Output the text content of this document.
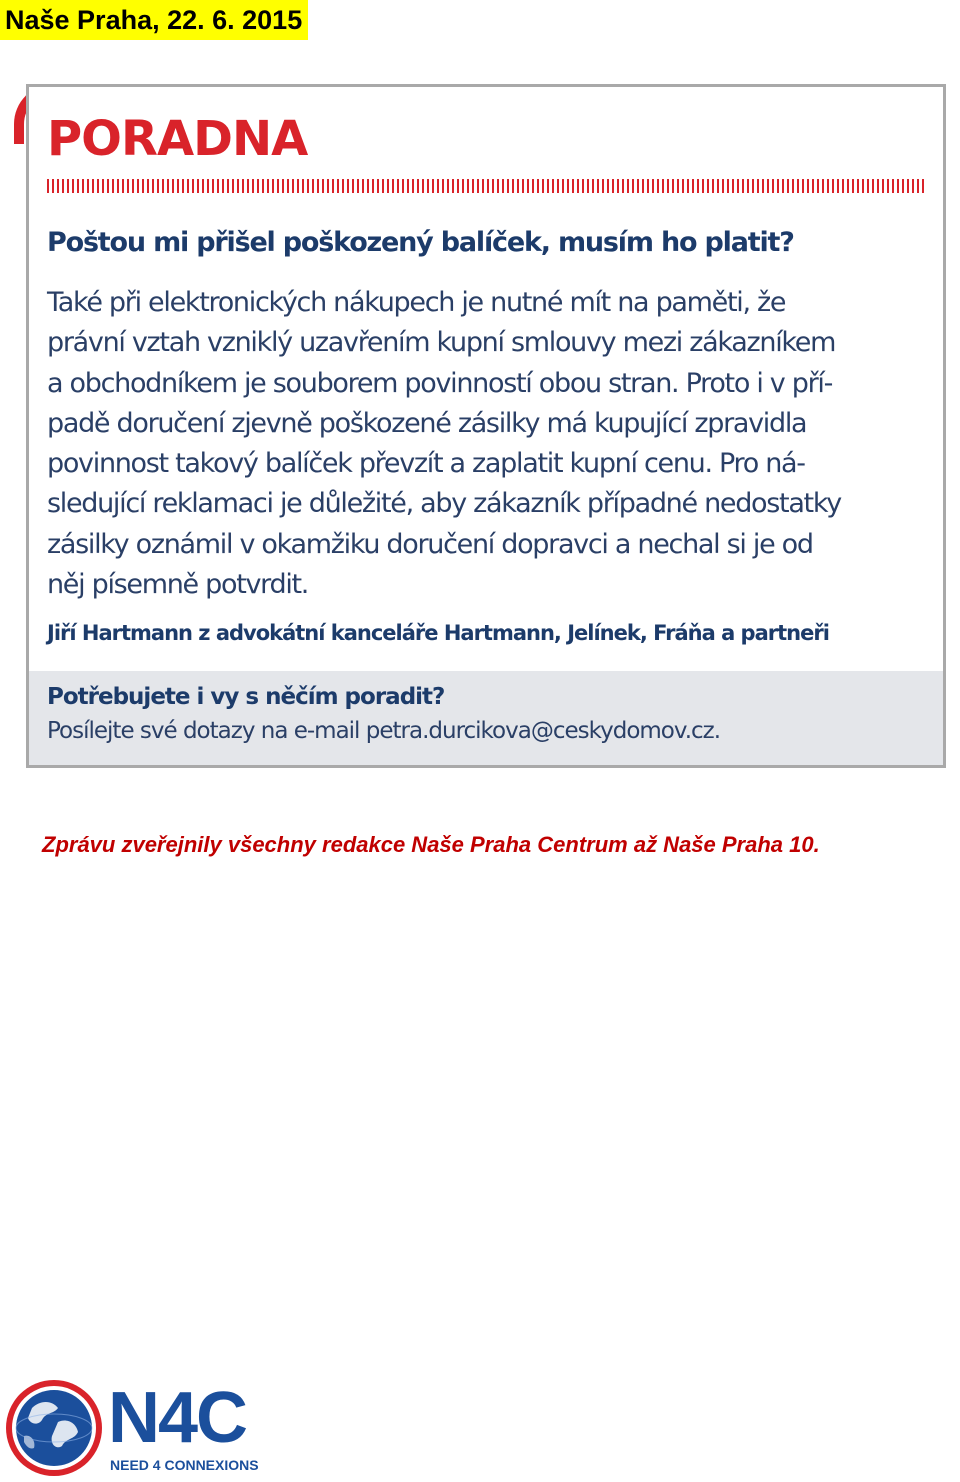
Naše Praha, 22. 6. 2015
PORADNA
Poštou mi přišel poškozený balíček, musím ho platit?
Také při elektronických nákupech je nutné mít na paměti, že
právní vztah vzniklý uzavřením kupní smlouvy mezi zákazníkem
a obchodníkem je souborem povinností obou stran. Proto i v pří-
padě doručení zjevně poškozené zásilky má kupující zpravidla
povinnost takový balíček převzít a zaplatit kupní cenu. Pro ná-
sledující reklamaci je důležité, aby zákazník případné nedostatky
zásilky oznámil v okamžiku doručení dopravci a nechal si je od
něj písemně potvrdit.
Jiří Hartmann z advokátní kanceláře Hartmann, Jelínek, Fráňa a partneři
Potřebujete i vy s něčím poradit?
Posílejte své dotazy na e-mail petra.durcikova@ceskydomov.cz.
Zprávu zveřejnily všechny redakce Naše Praha Centrum až Naše Praha 10.
N4C
NEED 4 CONNEXIONS
